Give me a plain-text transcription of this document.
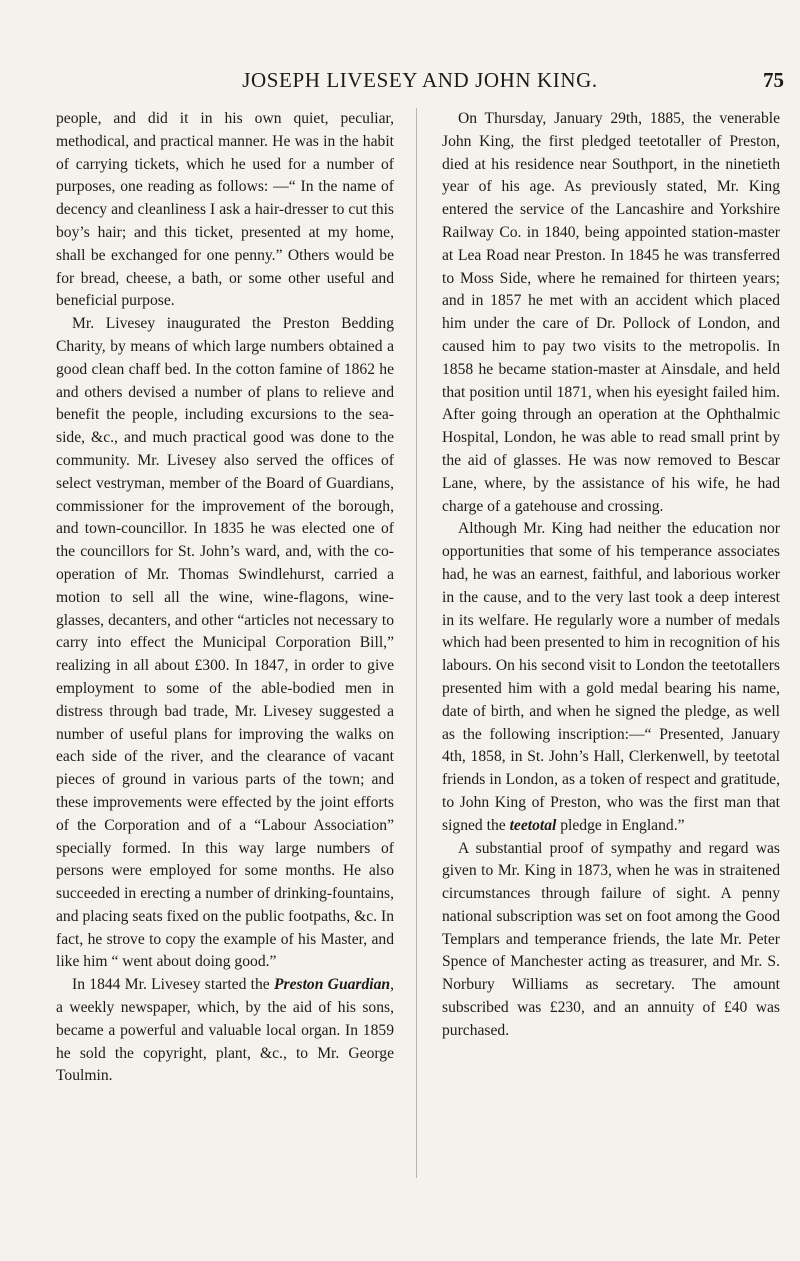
JOSEPH LIVESEY AND JOHN KING.	75

people, and did it in his own quiet, peculiar, methodical, and practical manner. He was in the habit of carrying tickets, which he used for a number of purposes, one reading as follows: —“ In the name of decency and cleanliness I ask a hair-dresser to cut this boy’s hair; and this ticket, presented at my home, shall be exchanged for one penny.” Others would be for bread, cheese, a bath, or some other useful and beneficial purpose.

Mr. Livesey inaugurated the Preston Bedding Charity, by means of which large numbers obtained a good clean chaff bed. In the cotton famine of 1862 he and others devised a number of plans to relieve and benefit the people, including excursions to the sea-side, &c., and much practical good was done to the community. Mr. Livesey also served the offices of select vestryman, member of the Board of Guardians, commissioner for the improvement of the borough, and town-councillor. In 1835 he was elected one of the councillors for St. John’s ward, and, with the co-operation of Mr. Thomas Swindlehurst, carried a motion to sell all the wine, wine-flagons, wine-glasses, decanters, and other “articles not necessary to carry into effect the Municipal Corporation Bill,” realizing in all about £300. In 1847, in order to give employment to some of the able-bodied men in distress through bad trade, Mr. Livesey suggested a number of useful plans for improving the walks on each side of the river, and the clearance of vacant pieces of ground in various parts of the town; and these improvements were effected by the joint efforts of the Corporation and of a “Labour Association” specially formed. In this way large numbers of persons were employed for some months. He also succeeded in erecting a number of drinking-fountains, and placing seats fixed on the public footpaths, &c. In fact, he strove to copy the example of his Master, and like him “ went about doing good.”

In 1844 Mr. Livesey started the Preston Guardian, a weekly newspaper, which, by the aid of his sons, became a powerful and valuable local organ. In 1859 he sold the copyright, plant, &c., to Mr. George Toulmin.

On Thursday, January 29th, 1885, the venerable John King, the first pledged teetotaller of Preston, died at his residence near Southport, in the ninetieth year of his age. As previously stated, Mr. King entered the service of the Lancashire and Yorkshire Railway Co. in 1840, being appointed station-master at Lea Road near Preston. In 1845 he was transferred to Moss Side, where he remained for thirteen years; and in 1857 he met with an accident which placed him under the care of Dr. Pollock of London, and caused him to pay two visits to the metropolis. In 1858 he became station-master at Ainsdale, and held that position until 1871, when his eyesight failed him. After going through an operation at the Ophthalmic Hospital, London, he was able to read small print by the aid of glasses. He was now removed to Bescar Lane, where, by the assistance of his wife, he had charge of a gatehouse and crossing.

Although Mr. King had neither the education nor opportunities that some of his temperance associates had, he was an earnest, faithful, and laborious worker in the cause, and to the very last took a deep interest in its welfare. He regularly wore a number of medals which had been presented to him in recognition of his labours. On his second visit to London the teetotallers presented him with a gold medal bearing his name, date of birth, and when he signed the pledge, as well as the following inscription:—“ Presented, January 4th, 1858, in St. John’s Hall, Clerkenwell, by teetotal friends in London, as a token of respect and gratitude, to John King of Preston, who was the first man that signed the teetotal pledge in England.”

A substantial proof of sympathy and regard was given to Mr. King in 1873, when he was in straitened circumstances through failure of sight. A penny national subscription was set on foot among the Good Templars and temperance friends, the late Mr. Peter Spence of Manchester acting as treasurer, and Mr. S. Norbury Williams as secretary. The amount subscribed was £230, and an annuity of £40 was purchased.
